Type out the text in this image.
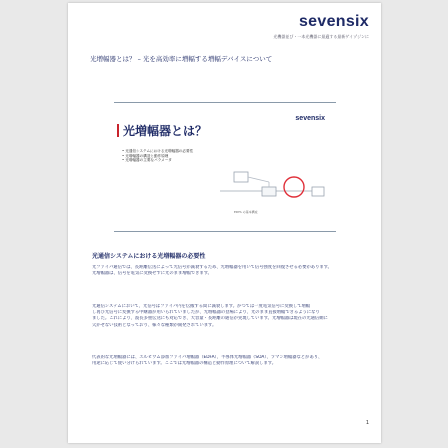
sevensix
光機器並び・一本光機器に最適する最新ゲイゾジンに
光増幅器とは？ – 光を高効率に増幅する増幅デバイスについて
sevensix
光増幅器とは？
• 光通信システムにおける光増幅器の必要性
• 光増幅器の構造と動作原理
• 光増幅器の主要なパラメータ
EDFA の基本構成
光通信システムにおける光増幅器の必要性

光ファイバ通信では、長距離伝送によって光信号が減衰するため、光増幅器を用いて信号強度を回復させる必要があります。
光増幅器は、信号を電気に変換せずに光のまま増幅できます。

光通信システムにおいて、光信号はファイバ内を伝搬する間に減衰します。かつては一度電気信号に変換して増幅
し再び光信号に変換する中継器が用いられていましたが、光増幅器の登場により、光のまま直接増幅できるようになり
ました。これにより、波長多重伝送にも対応でき、大容量・長距離の通信が実現しています。光増幅器は現在の光通信網に
欠かせない技術となっており、様々な種類が開発されています。

代表的な光増幅器には、エルビウム添加ファイバ増幅器（EDFA）、半導体光増幅器（SOA）、ラマン増幅器などがあり、
用途に応じて使い分けられています。ここでは光増幅器の構造と動作原理について解説します。

1
